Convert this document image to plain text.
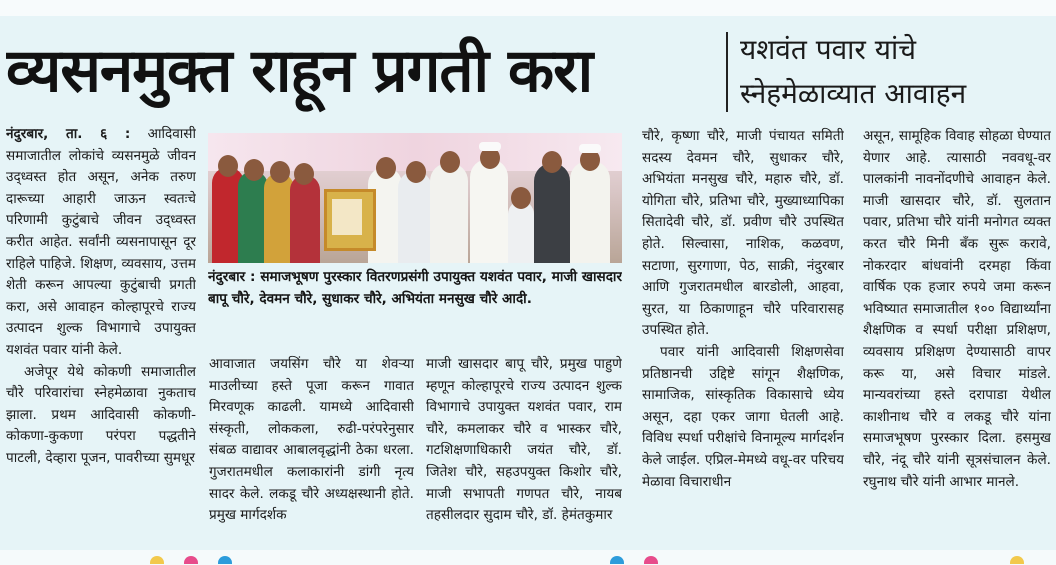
व्यसनमुक्त राहून प्रगती करा	यशवंत पवार यांचे
स्नेहमेळाव्यात आवाहन

नंदुरबार, ता. ६ : आदिवासी समाजातील लोकांचे व्यसनमुळे जीवन उद्ध्वस्त होत असून, अनेक तरुण दारूच्या आहारी जाऊन स्वतःचे परिणामी कुटुंबाचे जीवन उद्ध्वस्त करीत आहेत. सर्वांनी व्यसनापासून दूर राहिले पाहिजे. शिक्षण, व्यवसाय, उत्तम शेती करून आपल्या कुटुंबाची प्रगती करा, असे आवाहन कोल्हापूरचे राज्य उत्पादन शुल्क विभागाचे उपायुक्त यशवंत पवार यांनी केले.

अजेपूर येथे कोकणी समाजातील चौरे परिवारांचा स्नेहमेळावा नुकताच झाला. प्रथम आदिवासी कोकणी-कोकणा-कुकणा परंपरा पद्धतीने पाटली, देव्हारा पूजन, पावरीच्या सुमधूर

नंदुरबार : समाजभूषण पुरस्कार वितरणप्रसंगी उपायुक्त यशवंत पवार, माजी खासदार बापू चौरे, देवमन चौरे, सुधाकर चौरे, अभियंता मनसुख चौरे आदी.

आवाजात जयसिंग चौरे या शेवऱ्या माउलीच्या हस्ते पूजा करून गावात मिरवणूक काढली. यामध्ये आदिवासी संस्कृती, लोककला, रुढी-परंपरेनुसार संबळ वाद्यावर आबालवृद्धांनी ठेका धरला. गुजरातमधील कलाकारांनी डांगी नृत्य सादर केले. लकडू चौरे अध्यक्षस्थानी होते. प्रमुख मार्गदर्शक

माजी खासदार बापू चौरे, प्रमुख पाहुणे म्हणून कोल्हापूरचे राज्य उत्पादन शुल्क विभागाचे उपायुक्त यशवंत पवार, राम चौरे, कमलाकर चौरे व भास्कर चौरे, गटशिक्षणाधिकारी जयंत चौरे, डॉ. जितेश चौरे, सहउपयुक्त किशोर चौरे, माजी सभापती गणपत चौरे, नायब तहसीलदार सुदाम चौरे, डॉ. हेमंतकुमार

चौरे, कृष्णा चौरे, माजी पंचायत समिती सदस्य देवमन चौरे, सुधाकर चौरे, अभियंता मनसुख चौरे, महारु चौरे, डॉ. योगिता चौरे, प्रतिभा चौरे, मुख्याध्यापिका सितादेवी चौरे, डॉ. प्रवीण चौरे उपस्थित होते. सिल्वासा, नाशिक, कळवण, सटाणा, सुरगाणा, पेठ, साक्री, नंदुरबार आणि गुजरातमधील बारडोली, आहवा, सुरत, या ठिकाणाहून चौरे परिवारासह उपस्थित होते.

पवार यांनी आदिवासी शिक्षणसेवा प्रतिष्ठानची उद्दिष्टे सांगून शैक्षणिक, सामाजिक, सांस्कृतिक विकासाचे ध्येय असून, दहा एकर जागा घेतली आहे. विविध स्पर्धा परीक्षांचे विनामूल्य मार्गदर्शन केले जाईल. एप्रिल-मेमध्ये वधू-वर परिचय मेळावा विचाराधीन

असून, सामूहिक विवाह सोहळा घेण्यात येणार आहे. त्यासाठी नववधू-वर पालकांनी नावनोंदणीचे आवाहन केले. माजी खासदार चौरे, डॉ. सुलतान पवार, प्रतिभा चौरे यांनी मनोगत व्यक्त करत चौरे मिनी बँक सुरू करावे, नोकरदार बांधवांनी दरमहा किंवा वार्षिक एक हजार रुपये जमा करून भविष्यात समाजातील १०० विद्यार्थ्यांना शैक्षणिक व स्पर्धा परीक्षा प्रशिक्षण, व्यवसाय प्रशिक्षण देण्यासाठी वापर करू या, असे विचार मांडले. मान्यवरांच्या हस्ते दरापाडा येथील काशीनाथ चौरे व लकडू चौरे यांना समाजभूषण पुरस्कार दिला. हसमुख चौरे, नंदू चौरे यांनी सूत्रसंचालन केले. रघुनाथ चौरे यांनी आभार मानले.
